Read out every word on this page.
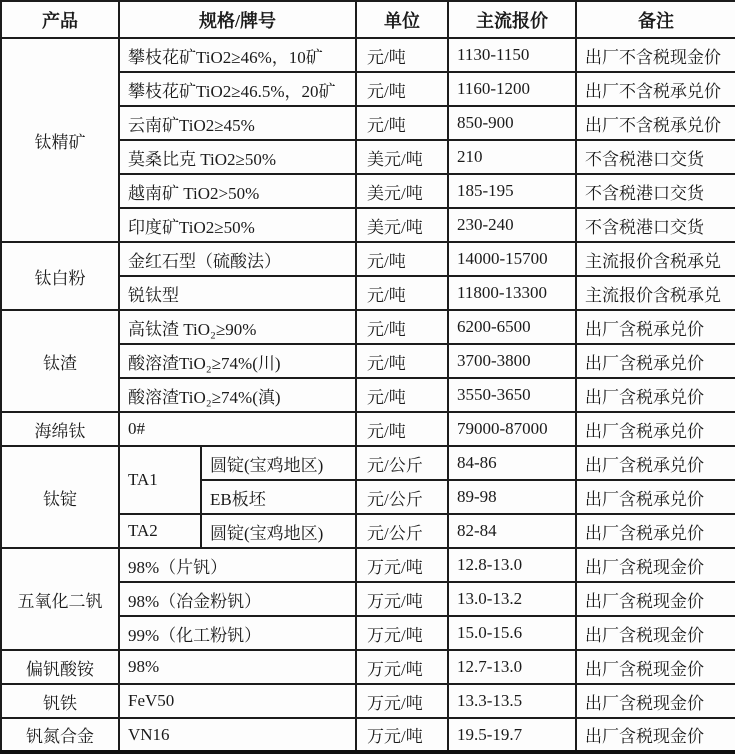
产品	规格/牌号		单位	主流报价	备注
钛精矿	攀枝花矿TiO2≥46%，10矿		元/吨	1130-1150	出厂不含税现金价
	攀枝花矿TiO2≥46.5%，20矿		元/吨	1160-1200	出厂不含税承兑价
	云南矿TiO2≥45%		元/吨	850-900	出厂不含税承兑价
	莫桑比克 TiO2≥50%		美元/吨	210	不含税港口交货
	越南矿 TiO2>50%		美元/吨	185-195	不含税港口交货
	印度矿TiO2≥50%		美元/吨	230-240	不含税港口交货
钛白粉	金红石型（硫酸法）		元/吨	14000-15700	主流报价含税承兑
	锐钛型		元/吨	11800-13300	主流报价含税承兑
钛渣	高钛渣 TiO₂≥90%		元/吨	6200-6500	出厂含税承兑价
	酸溶渣TiO₂≥74%(川)		元/吨	3700-3800	出厂含税承兑价
	酸溶渣TiO₂≥74%(滇)		元/吨	3550-3650	出厂含税承兑价
海绵钛	0#		元/吨	79000-87000	出厂含税承兑价
钛锭	TA1	圆锭(宝鸡地区)	元/公斤	84-86	出厂含税承兑价
		EB板坯	元/公斤	89-98	出厂含税承兑价
	TA2	圆锭(宝鸡地区)	元/公斤	82-84	出厂含税承兑价
五氧化二钒	98%（片钒）		万元/吨	12.8-13.0	出厂含税现金价
	98%（冶金粉钒）		万元/吨	13.0-13.2	出厂含税现金价
	99%（化工粉钒）		万元/吨	15.0-15.6	出厂含税现金价
偏钒酸铵	98%		万元/吨	12.7-13.0	出厂含税现金价
钒铁	FeV50		万元/吨	13.3-13.5	出厂含税现金价
钒氮合金	VN16		万元/吨	19.5-19.7	出厂含税现金价
